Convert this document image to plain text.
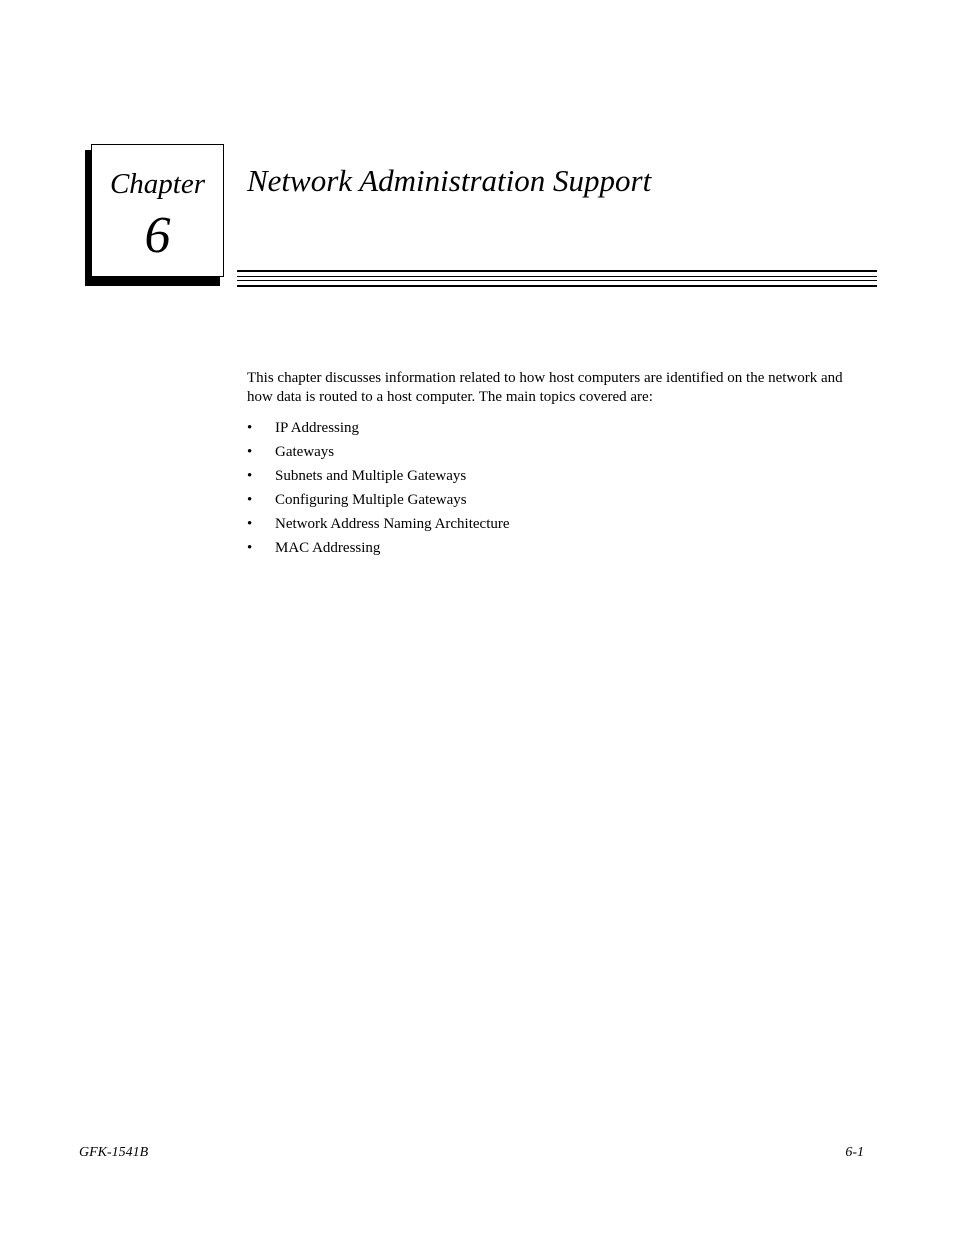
Chapter
6
Network Administration Support

This chapter discusses information related to how host computers are identified on the network and how data is routed to a host computer. The main topics covered are:

• IP Addressing
• Gateways
• Subnets and Multiple Gateways
• Configuring Multiple Gateways
• Network Address Naming Architecture
• MAC Addressing
GFK-1541B	6-1
